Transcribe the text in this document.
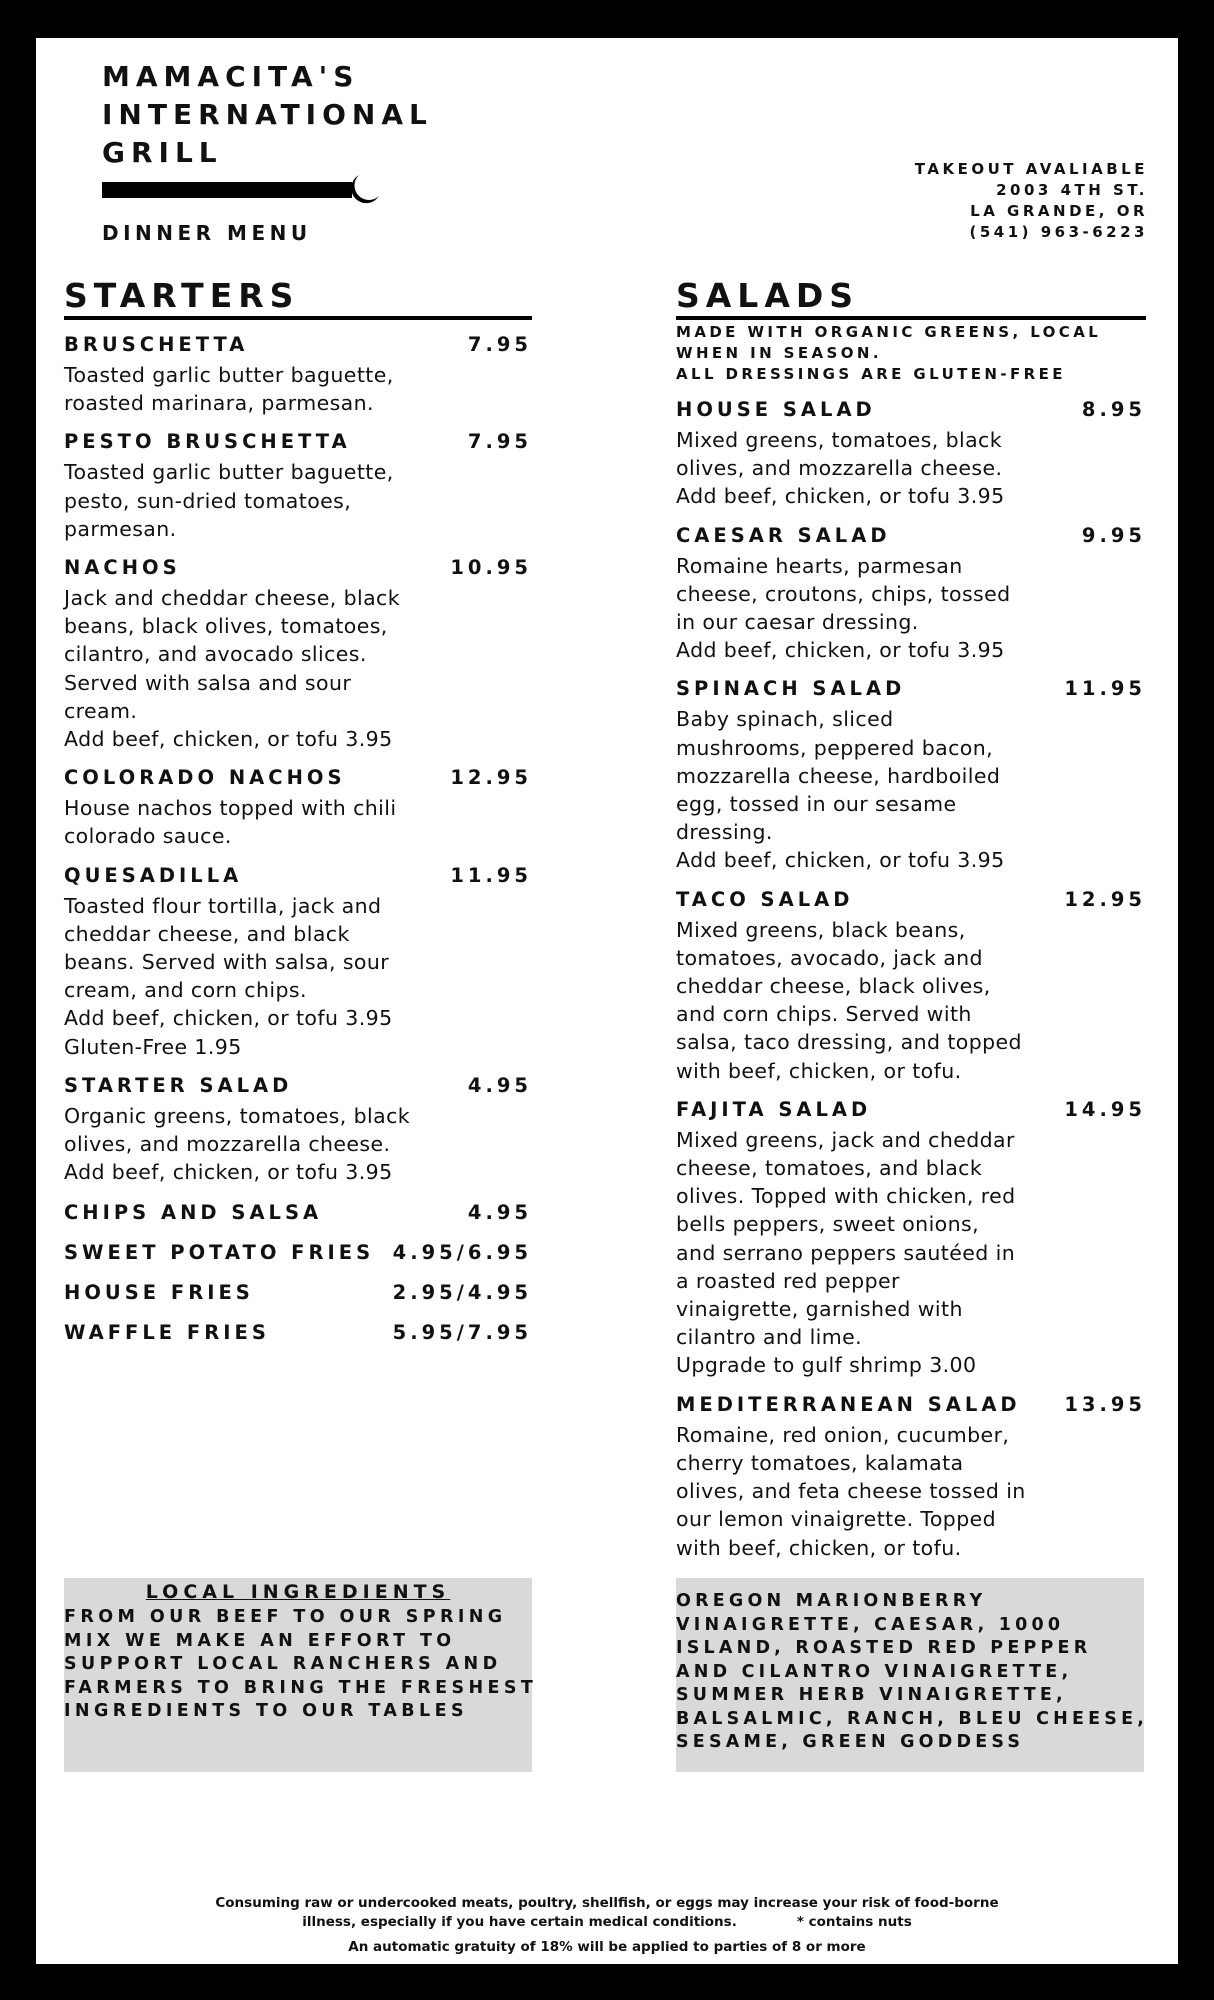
MAMACITA'S
INTERNATIONAL
GRILL
DINNER MENU
TAKEOUT AVALIABLE
2003 4TH ST.
LA GRANDE, OR
(541) 963-6223
STARTERS
BRUSCHETTA	7.95
Toasted garlic butter baguette,
roasted marinara, parmesan.
PESTO BRUSCHETTA	7.95
Toasted garlic butter baguette,
pesto, sun-dried tomatoes,
parmesan.
NACHOS	10.95
Jack and cheddar cheese, black
beans, black olives, tomatoes,
cilantro, and avocado slices.
Served with salsa and sour
cream.
Add beef, chicken, or tofu 3.95
COLORADO NACHOS	12.95
House nachos topped with chili
colorado sauce.
QUESADILLA	11.95
Toasted flour tortilla, jack and
cheddar cheese, and black
beans. Served with salsa, sour
cream, and corn chips.
Add beef, chicken, or tofu 3.95
Gluten-Free 1.95
STARTER SALAD	4.95
Organic greens, tomatoes, black
olives, and mozzarella cheese.
Add beef, chicken, or tofu 3.95
CHIPS AND SALSA	4.95
SWEET POTATO FRIES 4.95/6.95
HOUSE FRIES	2.95/4.95
WAFFLE FRIES	5.95/7.95
SALADS
MADE WITH ORGANIC GREENS, LOCAL
WHEN IN SEASON.
ALL DRESSINGS ARE GLUTEN-FREE
HOUSE SALAD	8.95
Mixed greens, tomatoes, black
olives, and mozzarella cheese.
Add beef, chicken, or tofu 3.95
CAESAR SALAD	9.95
Romaine hearts, parmesan
cheese, croutons, chips, tossed
in our caesar dressing.
Add beef, chicken, or tofu 3.95
SPINACH SALAD	11.95
Baby spinach, sliced
mushrooms, peppered bacon,
mozzarella cheese, hardboiled
egg, tossed in our sesame
dressing.
Add beef, chicken, or tofu 3.95
TACO SALAD	12.95
Mixed greens, black beans,
tomatoes, avocado, jack and
cheddar cheese, black olives,
and corn chips. Served with
salsa, taco dressing, and topped
with beef, chicken, or tofu.
FAJITA SALAD	14.95
Mixed greens, jack and cheddar
cheese, tomatoes, and black
olives. Topped with chicken, red
bells peppers, sweet onions,
and serrano peppers sautéed in
a roasted red pepper
vinaigrette, garnished with
cilantro and lime.
Upgrade to gulf shrimp 3.00
MEDITERRANEAN SALAD 13.95
Romaine, red onion, cucumber,
cherry tomatoes, kalamata
olives, and feta cheese tossed in
our lemon vinaigrette. Topped
with beef, chicken, or tofu.
LOCAL INGREDIENTS
FROM OUR BEEF TO OUR SPRING
MIX WE MAKE AN EFFORT TO
SUPPORT LOCAL RANCHERS AND
FARMERS TO BRING THE FRESHEST
INGREDIENTS TO OUR TABLES
OREGON MARIONBERRY
VINAIGRETTE, CAESAR, 1000
ISLAND, ROASTED RED PEPPER
AND CILANTRO VINAIGRETTE,
SUMMER HERB VINAIGRETTE,
BALSALMIC, RANCH, BLEU CHEESE,
SESAME, GREEN GODDESS
Consuming raw or undercooked meats, poultry, shellfish, or eggs may increase your risk of food-borne
illness, especially if you have certain medical conditions.	* contains nuts
An automatic gratuity of 18% will be applied to parties of 8 or more
